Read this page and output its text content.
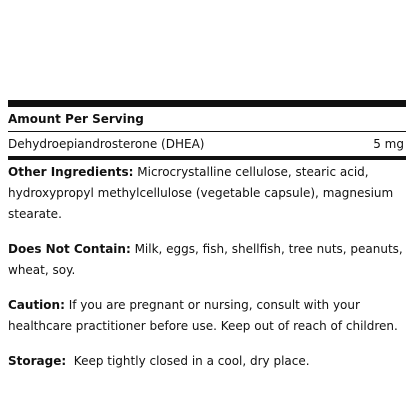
Amount Per Serving
Dehydroepiandrosterone (DHEA)	5 mg

Other Ingredients: Microcrystalline cellulose, stearic acid, hydroxypropyl methylcellulose (vegetable capsule), magnesium stearate.

Does Not Contain: Milk, eggs, fish, shellfish, tree nuts, peanuts, wheat, soy.

Caution: If you are pregnant or nursing, consult with your healthcare practitioner before use. Keep out of reach of children.

Storage:  Keep tightly closed in a cool, dry place.
